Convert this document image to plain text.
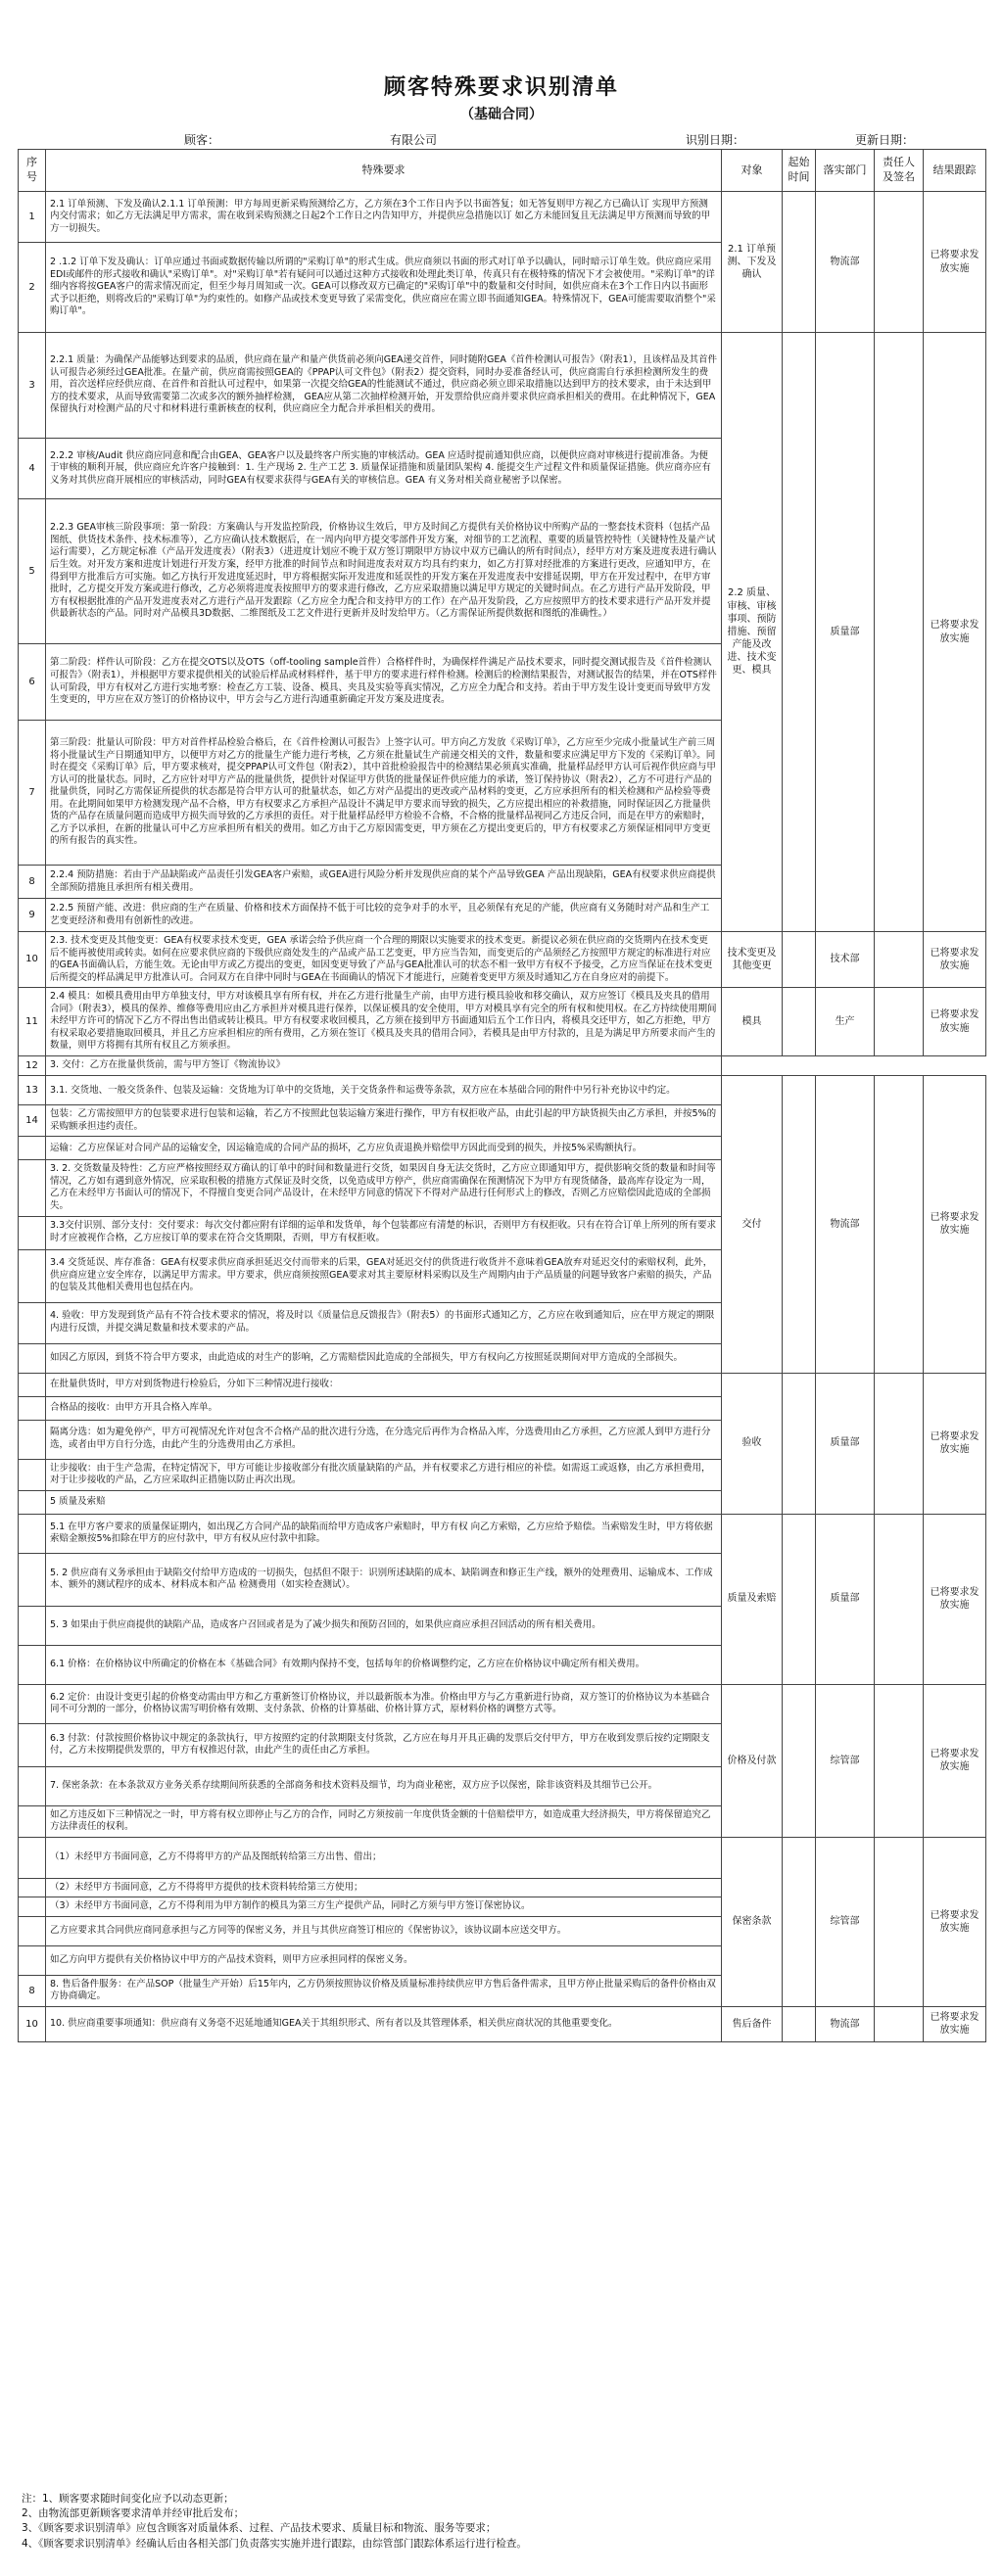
顾客特殊要求识别清单
（基础合同）
顾客：	有限公司	识别日期：	更新日期：
序号	特殊要求	对象	起始时间	落实部门	责任人及签名	结果跟踪
1	2.1 订单预测、下发及确认2.1.1 订单预测：甲方每周更新采购预测给乙方，乙方须在3个工作日内予以书面答复；如无答复则甲方视乙方已确认订 实现甲方预测内交付需求；如乙方无法满足甲方需求，需在收到采购预测之日起2个工作日之内告知甲方，并提供应急措施以订 如乙方未能回复且无法满足甲方预测而导致的甲方一切损失。	2.1 订单预测、下发及确认		物流部		已将要求发放实施
2	2 .1.2 订单下发及确认：订单应通过书面或数据传输以所谓的"采购订单"的形式生成。供应商须以书面的形式对订单予以确认，同时暗示订单生效。供应商应采用EDI或邮件的形式接收和确认"采购订单"。对"采购订单"若有疑问可以通过这种方式接收和处理此类订单，传真只有在极特殊的情况下才会被使用。"采购订单"的详细内容将按GEA客户的需求情况而定，但至少每月周知或一次。GEA可以修改双方已确定的"采购订单"中的数量和交付时间，如供应商未在3个工作日内以书面形式予以拒绝，则将改后的"采购订单"为约束性的。如修产品或技术变更导致了采需变化，供应商应在需立即书面通知GEA。特殊情况下，GEA可能需要取消整个"采购订单"。					
3	2.2.1 质量：为确保产品能够达到要求的品质，供应商在量产和量产供货前必须向GEA递交首件，同时随附GEA《首件检测认可报告》（附表1），且该样品及其首件认可报告必须经过GEA批准。在量产前，供应商需按照GEA的《PPAP认可文件包》（附表2）提交资料，同时办妥准备经认可，供应商需自行承担检测所发生的费用，首次送样应经供应商、在首件和首批认可过程中，如果第一次提交给GEA的性能测试不通过，供应商必须立即采取措施以达到甲方的技术要求，由于未达到甲方的技术要求，从而导致需要第二次或多次的额外抽样检测， GEA应从第二次抽样检测开始，开发票给供应商并要求供应商承担相关的费用。在此种情况下，GEA保留执行对检测产品的尺寸和材料进行重新核查的权利，供应商应全力配合并承担相关的费用。	2.2 质量、审核、审核事项、预防措施、预留产能及改进、技术变更、模具		质量部		已将要求发放实施
4	2.2.2 审核/Audit 供应商应同意和配合由GEA、GEA客户以及最终客户所实施的审核活动。GEA 应适时提前通知供应商，以便供应商对审核进行提前准备。为便于审核的顺利开展，供应商应允许客户接触到：1. 生产现场 2. 生产工艺 3. 质量保证措施和质量团队架构 4. 能提交生产过程文件和质量保证措施。供应商亦应有义务对其供应商开展相应的审核活动，同时GEA有权要求获得与GEA有关的审核信息。GEA 有义务对相关商业秘密予以保密。					
5	2.2.3 GEA审核三阶段事项：第一阶段：方案确认与开发监控阶段，价格协议生效后，甲方及时间乙方提供有关价格协议中所购产品的一整套技术资料（包括产品图纸、供货技术条件、技术标准等），乙方应确认技术数据后，在一周内向甲方提交零部件开发方案，对细节的工艺流程、重要的质量管控特性（关键特性及量产试运行需要），乙方规定标准（产品开发进度表）（附表3）（进进度计划应不晚于双方签订期限甲方协议中双方已确认的所有时间点），经甲方对方案及进度表进行确认后生效。对开发方案和进度计划进行开发方案，经甲方批准的时间节点和时间进度表对双方均具有约束力，如乙方打算对经批准的方案进行更改，应通知甲方，在得到甲方批准后方可实施。如乙方执行开发进度延迟时，甲方将根据实际开发进度和延误性的开发方案在开发进度表中安排延误期，甲方在开发过程中，在甲方审批时，乙方提交开发方案或进行修改，乙方必须将进度表按照甲方的要求进行修改，乙方应采取措施以满足甲方规定的关键时间点。在乙方进行产品开发阶段，甲方有权根据批准的产品开发进度表对乙方进行产品开发跟踪（乙方应全力配合和支持甲方的工作）在产品开发阶段，乙方应按照甲方的技术要求进行产品开发并提供最新状态的产品。同时对产品模具3D数据、二维图纸及工艺文件进行更新并及时发给甲方。（乙方需保证所提供数据和图纸的准确性。）					
6	第二阶段：样件认可阶段：乙方在提交OTS以及OTS（off-tooling sample首件）合格样件时，为确保样件满足产品技术要求，同时提交测试报告及《首件检测认可报告》（附表1），并根据甲方要求提供相关的试验后样品或材料样件，基于甲方的要求进行样件检测。检测后的检测结果报告，对测试报告的结果，并在OTS样件认可阶段，甲方有权对乙方进行实地考察：检查乙方工装、设备、模具、夹具及实验等真实情况，乙方应全力配合和支持。若由于甲方发生设计变更而导致甲方发生变更的，甲方应在双方签订的价格协议中，甲方会与乙方进行沟通重新确定开发方案及进度表。					
7	第三阶段：批量认可阶段：甲方对首件样品检验合格后，在《首件检测认可报告》上签字认可。甲方向乙方发放《采购订单》，乙方应至少完成小批量试生产前三周将小批量试生产日期通知甲方，以便甲方对乙方的批量生产能力进行考核，乙方须在批量试生产前递交相关的文件，数量和要求应满足甲方下发的《采购订单》。同时在提交《采购订单》后，甲方要求核对，提交PPAP认可文件包（附表2），其中首批检验报告中的检测结果必须真实准确，批量样品经甲方认可后视作供应商与甲方认可的批量状态。同时，乙方应针对甲方产品的批量供货，提供针对保证甲方供货的批量保证件供应能力的承诺，签订保持协议（附表2），乙方不可进行产品的批量供货，同时乙方需保证所提供的状态都是符合甲方认可的批量状态，如乙方对产品提出的更改或产品材料的变更，乙方应承担所有的相关检测和产品检验等费用。在此期间如果甲方检测发现产品不合格，甲方有权要求乙方承担产品设计不满足甲方要求而导致的损失，乙方应提出相应的补救措施，同时保证因乙方批量供货的产品存在质量问题而造成甲方损失而导致的乙方承担的责任。对于批量样品经甲方检验不合格，不合格的批量样品视同乙方违反合同，而是在甲方的索赔时，乙方予以承担，在新的批量认可中乙方应承担所有相关的费用。如乙方由于乙方原因需变更，甲方须在乙方提出变更后的，甲方有权要求乙方须保证相同甲方变更的所有报告的真实性。					
8	2.2.4 预防措施：若由于产品缺陷或产品责任引发GEA客户索赔，或GEA进行风险分析并发现供应商的某个产品导致GEA 产品出现缺陷，GEA有权要求供应商提供全部预防措施且承担所有相关费用。					
9	2.2.5 预留产能、改进：供应商的生产在质量、价格和技术方面保持不低于可比较的竞争对手的水平，且必须保有充足的产能，供应商有义务随时对产品和生产工艺变更经济和费用有创新性的改进。					
10	2.3. 技术变更及其他变更：GEA有权要求技术变更，GEA 承诺会给予供应商一个合理的期限以实施要求的技术变更。新提议必须在供应商的交货期内在技术变更后不能再被使用或转卖。如何在应要求供应商的下级供应商处发生的产品或产品工艺变更，甲方应当告知，而变更后的产品须经乙方按照甲方规定的标准进行对应的GEA书面确认后，方能生效。无论由甲方或乙方提出的变更，如因变更导致了产品与GEA批准认可的状态不相一致甲方有权不予接受，乙方应当保证在技术变更后所提交的样品满足甲方批准认可。合同双方在自律中同时与GEA在书面确认的情况下才能进行，应随着变更甲方须及时通知乙方在自身应对的前提下。	技术变更及其他变更		技术部		已将要求发放实施
11	2.4 模具：如模具费用由甲方单独支付，甲方对该模具享有所有权，并在乙方进行批量生产前，由甲方进行模具验收和移交确认，双方应签订《模具及夹具的借用合同》（附表3），模具的保养、维修等费用应由乙方承担并对模具进行保养，以保证模具的安全使用，甲方对模具享有完全的所有权和使用权。在乙方持续使用期间未经甲方许可的情况下乙方不得出售出借或转让模具。甲方有权要求收回模具，乙方须在接到甲方书面通知后五个工作日内，将模具交还甲方，如乙方拒绝，甲方有权采取必要措施取回模具，并且乙方应承担相应的所有费用，乙方须在签订《模具及夹具的借用合同》，若模具是由甲方付款的，且是为满足甲方所要求而产生的数量，则甲方将拥有其所有权且乙方须承担。	模具		生产		已将要求发放实施
12	3. 交付：乙方在批量供货前，需与甲方签订《物流协议》					
13	3.1. 交货地、一般交货条件、包装及运输：交货地为订单中的交货地，关于交货条件和运费等条款，双方应在本基础合同的附件中另行补充协议中约定。	交付		物流部		已将要求发放实施
14	包装：乙方需按照甲方的包装要求进行包装和运输，若乙方不按照此包装运输方案进行操作，甲方有权拒收产品，由此引起的甲方缺货损失由乙方承担，并按5%的采购额承担违约责任。					
	运输：乙方应保证对合同产品的运输安全，因运输造成的合同产品的损坏，乙方应负责退换并赔偿甲方因此而受到的损失，并按5%采购额执行。					
	3. 2. 交货数量及特性：乙方应严格按照经双方确认的订单中的时间和数量进行交货，如果因自身无法交货时，乙方应立即通知甲方，提供影响交货的数量和时间等情况，乙方如有遇到意外情况，应采取积极的措施方式保证及时交货，以免造成甲方停产，供应商需确保在预测情况下为甲方有现货储备，最高库存设定为一周，乙方在未经甲方书面认可的情况下，不得擅自变更合同产品设计，在未经甲方同意的情况下不得对产品进行任何形式上的修改，否则乙方应赔偿因此造成的全部损失。					
	3.3交付识别、部分支付：交付要求：每次交付都应附有详细的运单和发货单，每个包装都应有清楚的标识，否则甲方有权拒收。只有在符合订单上所列的所有要求时才应被视作合格，乙方应按订单的要求在符合交货期限，否则，甲方有权拒收。					
	3.4 交货延误、库存准备：GEA有权要求供应商承担延迟交付而带来的后果，GEA对延迟交付的供货进行收货并不意味着GEA放弃对延迟交付的索赔权利，此外，供应商应建立安全库存，以满足甲方需求。甲方要求，供应商须按照GEA要求对其主要原材料采购以及生产周期内由于产品质量的问题导致客户索赔的损失，产品的包装及其他相关费用也包括在内。					
	4. 验收：甲方发现到货产品有不符合技术要求的情况，将及时以《质量信息反馈报告》（附表5）的书面形式通知乙方，乙方应在收到通知后，应在甲方规定的期限内进行反馈，并提交满足数量和技术要求的产品。					
	如因乙方原因，到货不符合甲方要求，由此造成的对生产的影响，乙方需赔偿因此造成的全部损失，甲方有权向乙方按照延误期间对甲方造成的全部损失。					
	在批量供货时，甲方对到货物进行检验后，分如下三种情况进行接收：	验收		质量部		已将要求发放实施
	合格品的接收：由甲方开具合格入库单。					
	隔离分选：如为避免停产，甲方可视情况允许对包含不合格产品的批次进行分选，在分选完后再作为合格品入库，分选费用由乙方承担，乙方应派人到甲方进行分选，或者由甲方自行分选，由此产生的分选费用由乙方承担。					
	让步接收：由于生产急需，在特定情况下，甲方可能让步接收部分有批次质量缺陷的产品，并有权要求乙方进行相应的补偿。如需返工或返修，由乙方承担费用，对于让步接收的产品，乙方应采取纠正措施以防止再次出现。					
	5 质量及索赔					
	5.1 在甲方客户要求的质量保证期内，如出现乙方合同产品的缺陷而给甲方造成客户索赔时，甲方有权 向乙方索赔，乙方应给予赔偿。当索赔发生时，甲方将依据索赔金额按5%扣除在甲方的应付款中，甲方有权从应付款中扣除。	质量及索赔		质量部		已将要求发放实施
	5. 2 供应商有义务承担由于缺陷交付给甲方造成的一切损失，包括但不限于：识别所述缺陷的成本、缺陷调查和修正生产线，额外的处理费用、运输成本、工作成本、额外的测试程序的成本、材料成本和产品 检测费用（如实检查测试）。					
	5. 3 如果由于供应商提供的缺陷产品，造成客户召回或者是为了减少损失和预防召回的，如果供应商应承担召回活动的所有相关费用。					
	6.1 价格：在价格协议中所确定的价格在本《基础合同》有效期内保持不变，包括每年的价格调整约定，乙方应在价格协议中确定所有相关费用。					
	6.2 定价：由设计变更引起的价格变动需由甲方和乙方重新签订价格协议，并以最新版本为准。价格由甲方与乙方重新进行协商，双方签订的价格协议为本基础合同不可分割的一部分，价格协议需写明价格有效期、支付条款、价格的计算基础、价格计算方式，原材料价格的调整方式等。	价格及付款		综管部		已将要求发放实施
	6.3 付款：付款按照价格协议中规定的条款执行，甲方按照约定的付款期限支付货款，乙方应在每月开具正确的发票后交付甲方，甲方在收到发票后按约定期限支付，乙方未按期提供发票的，甲方有权推迟付款，由此产生的责任由乙方承担。					
	7. 保密条款：在本条款双方业务关系存续期间所获悉的全部商务和技术资料及细节，均为商业秘密，双方应予以保密，除非该资料及其细节已公开。					
	如乙方违反如下三种情况之一时，甲方将有权立即停止与乙方的合作，同时乙方须按前一年度供货金额的十倍赔偿甲方，如造成重大经济损失，甲方将保留追究乙方法律责任的权利。					
	（1）未经甲方书面同意，乙方不得将甲方的产品及图纸转给第三方出售、借出；	保密条款		综管部		已将要求发放实施
	（2）未经甲方书面同意，乙方不得将甲方提供的技术资料转给第三方使用；					
	（3）未经甲方书面同意，乙方不得利用为甲方制作的模具为第三方生产提供产品，同时乙方须与甲方签订保密协议。					
	乙方应要求其合同供应商同意承担与乙方同等的保密义务，并且与其供应商签订相应的《保密协议》，该协议副本应送交甲方。					
	如乙方向甲方提供有关价格协议中甲方的产品技术资料，则甲方应承担同样的保密义务。					
8	8. 售后备件服务：在产品SOP（批量生产开始）后15年内，乙方仍须按照协议价格及质量标准持续供应甲方售后备件需求，且甲方停止批量采购后的备件价格由双方协商确定。					
10	10. 供应商重要事项通知：供应商有义务毫不迟延地通知GEA关于其组织形式、所有者以及其管理体系，相关供应商状况的其他重要变化。	售后备件		物流部		已将要求发放实施
注：1、顾客要求随时间变化应予以动态更新；
2、由物流部更新顾客要求清单并经审批后发布；
3、《顾客要求识别清单》应包含顾客对质量体系、过程、产品技术要求、质量目标和物流、服务等要求；
4、《顾客要求识别清单》经确认后由各相关部门负责落实实施并进行跟踪，由综管部门跟踪体系运行进行检查。
